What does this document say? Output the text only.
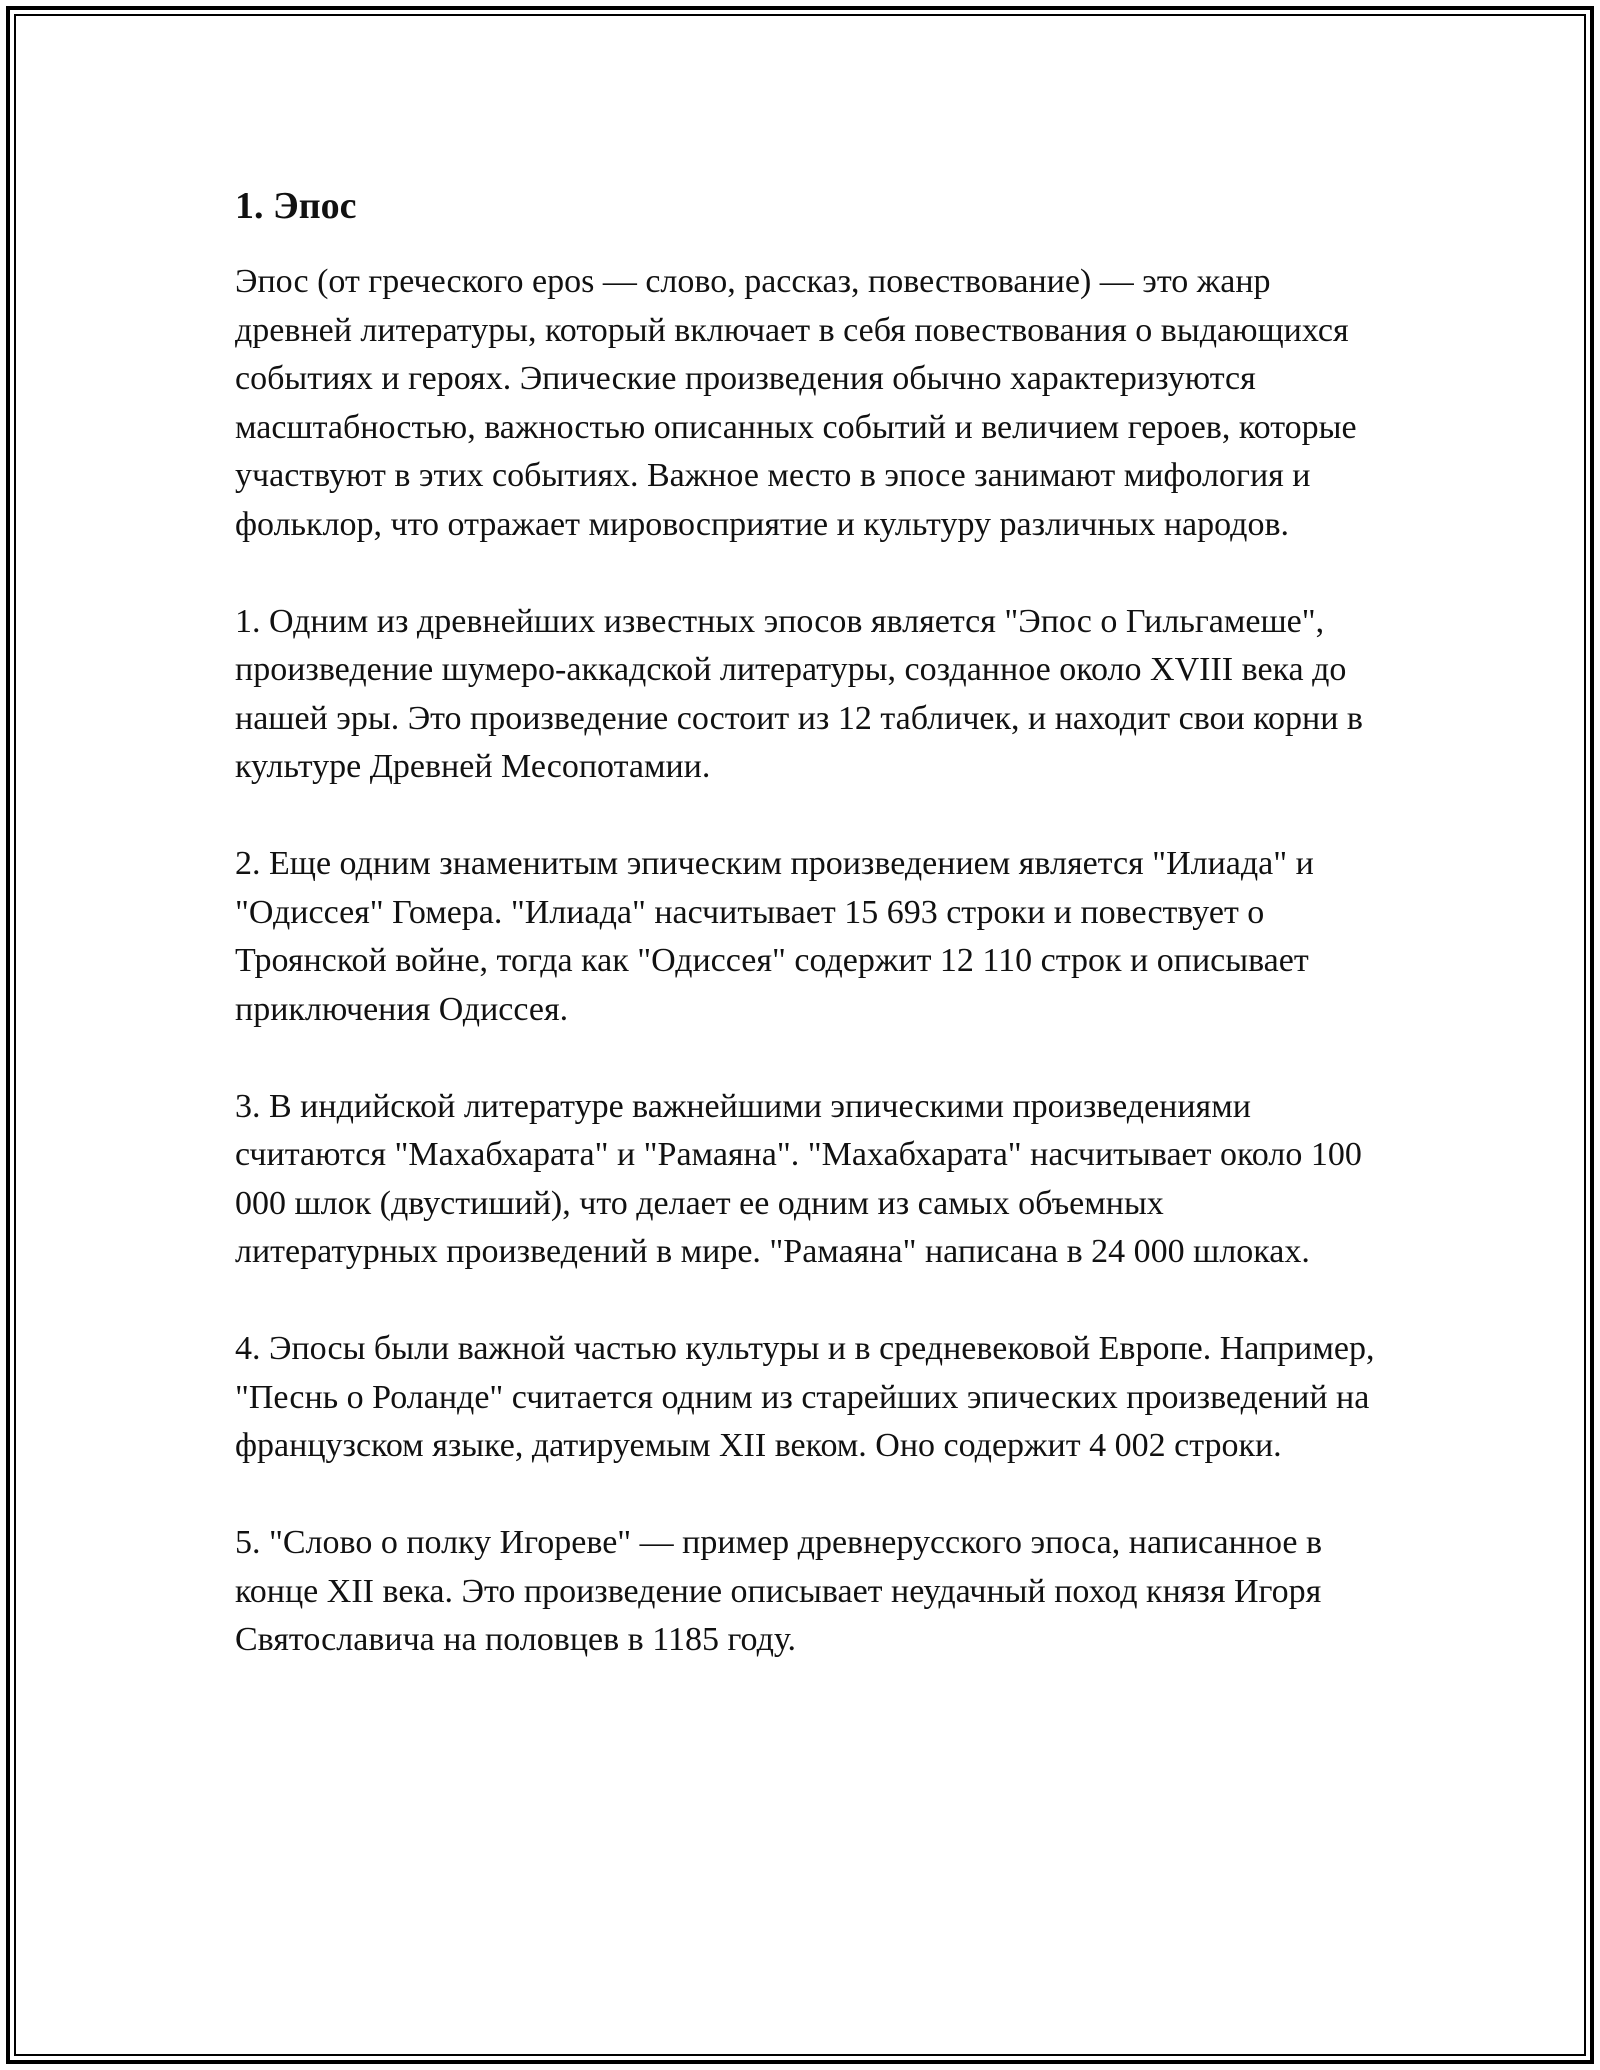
1. Эпос

Эпос (от греческого epos — слово, рассказ, повествование) — это жанр древней литературы, который включает в себя повествования о выдающихся событиях и героях. Эпические произведения обычно характеризуются масштабностью, важностью описанных событий и величием героев, которые участвуют в этих событиях. Важное место в эпосе занимают мифология и фольклор, что отражает мировосприятие и культуру различных народов.

1. Одним из древнейших известных эпосов является "Эпос о Гильгамеше", произведение шумеро-аккадской литературы, созданное около XVIII века до нашей эры. Это произведение состоит из 12 табличек, и находит свои корни в культуре Древней Месопотамии.

2. Еще одним знаменитым эпическим произведением является "Илиада" и "Одиссея" Гомера. "Илиада" насчитывает 15 693 строки и повествует о Троянской войне, тогда как "Одиссея" содержит 12 110 строк и описывает приключения Одиссея.

3. В индийской литературе важнейшими эпическими произведениями считаются "Махабхарата" и "Рамаяна". "Махабхарата" насчитывает около 100 000 шлок (двустиший), что делает ее одним из самых объемных литературных произведений в мире. "Рамаяна" написана в 24 000 шлоках.

4. Эпосы были важной частью культуры и в средневековой Европе. Например, "Песнь о Роланде" считается одним из старейших эпических произведений на французском языке, датируемым XII веком. Оно содержит 4 002 строки.

5. "Слово о полку Игореве" — пример древнерусского эпоса, написанное в конце XII века. Это произведение описывает неудачный поход князя Игоря Святославича на половцев в 1185 году.
